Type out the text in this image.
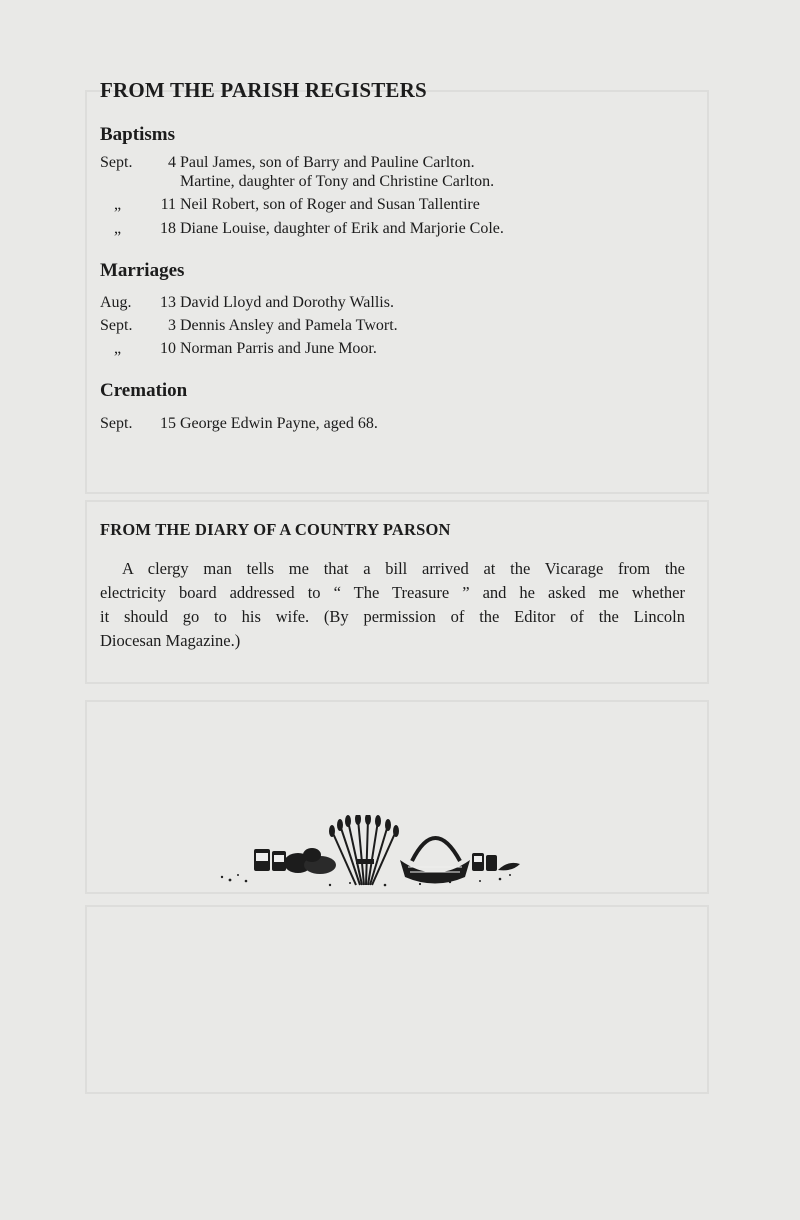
FROM THE PARISH REGISTERS
Baptisms
Sept. 4 Paul James, son of Barry and Pauline Carlton.
Martine, daughter of Tony and Christine Carlton.
„ 11 Neil Robert, son of Roger and Susan Tallentire
„ 18 Diane Louise, daughter of Erik and Marjorie Cole.
Marriages
Aug. 13 David Lloyd and Dorothy Wallis.
Sept. 3 Dennis Ansley and Pamela Twort.
„ 10 Norman Parris and June Moor.
Cremation
Sept. 15 George Edwin Payne, aged 68.
FROM THE DIARY OF A COUNTRY PARSON
A clergy man tells me that a bill arrived at the Vicarage from the
electricity board addressed to “ The Treasure ” and he asked me whether
it should go to his wife. (By permission of the Editor of the Lincoln
Diocesan Magazine.)
